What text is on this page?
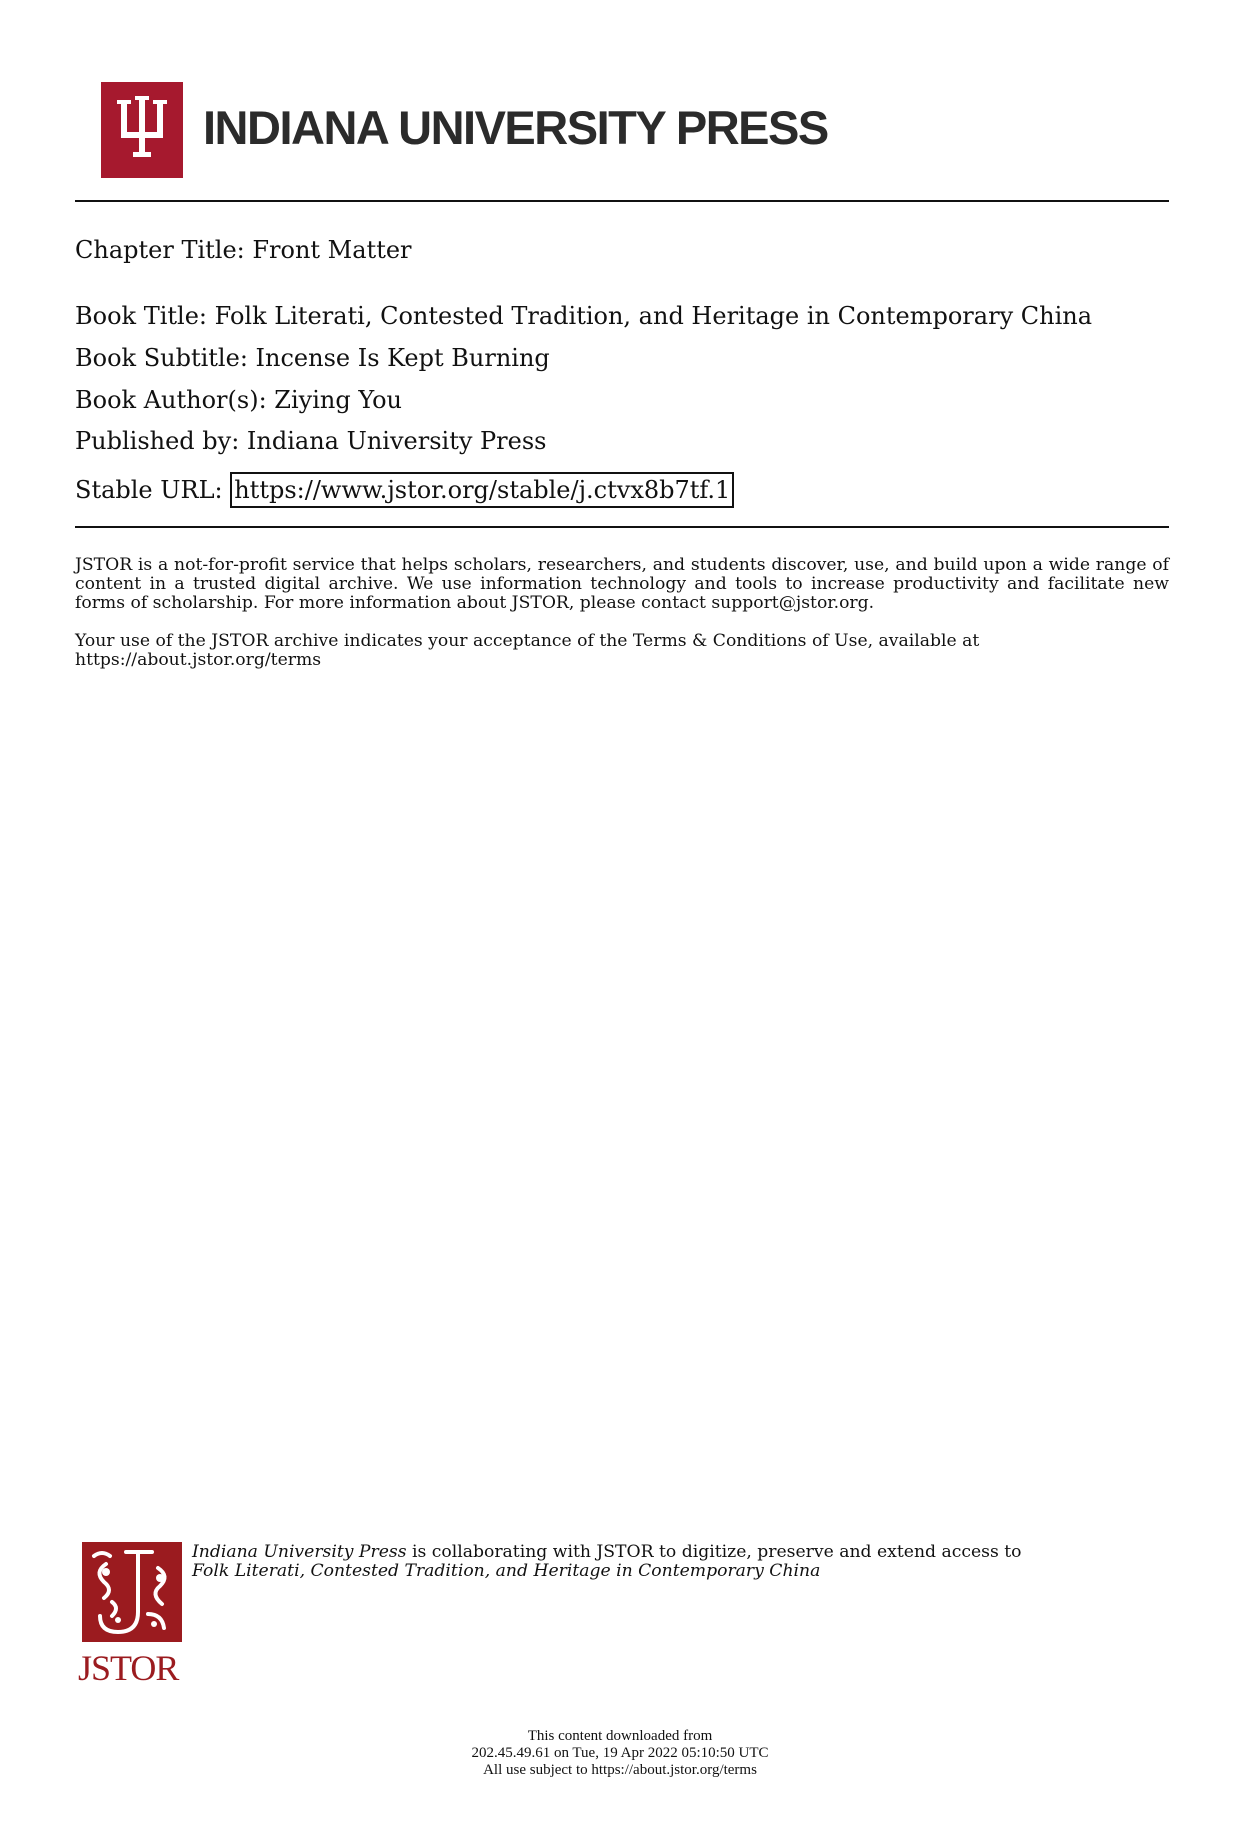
INDIANA UNIVERSITY PRESS
Chapter Title: Front Matter
Book Title: Folk Literati, Contested Tradition, and Heritage in Contemporary China
Book Subtitle: Incense Is Kept Burning
Book Author(s): Ziying You
Published by: Indiana University Press
Stable URL: https://www.jstor.org/stable/j.ctvx8b7tf.1
JSTOR is a not-for-profit service that helps scholars, researchers, and students discover, use, and build upon a wide range of content in a trusted digital archive. We use information technology and tools to increase productivity and facilitate new forms of scholarship. For more information about JSTOR, please contact support@jstor.org.
Your use of the JSTOR archive indicates your acceptance of the Terms & Conditions of Use, available at
https://about.jstor.org/terms
JSTOR
Indiana University Press is collaborating with JSTOR to digitize, preserve and extend access to
Folk Literati, Contested Tradition, and Heritage in Contemporary China
This content downloaded from
202.45.49.61 on Tue, 19 Apr 2022 05:10:50 UTC
All use subject to https://about.jstor.org/terms
